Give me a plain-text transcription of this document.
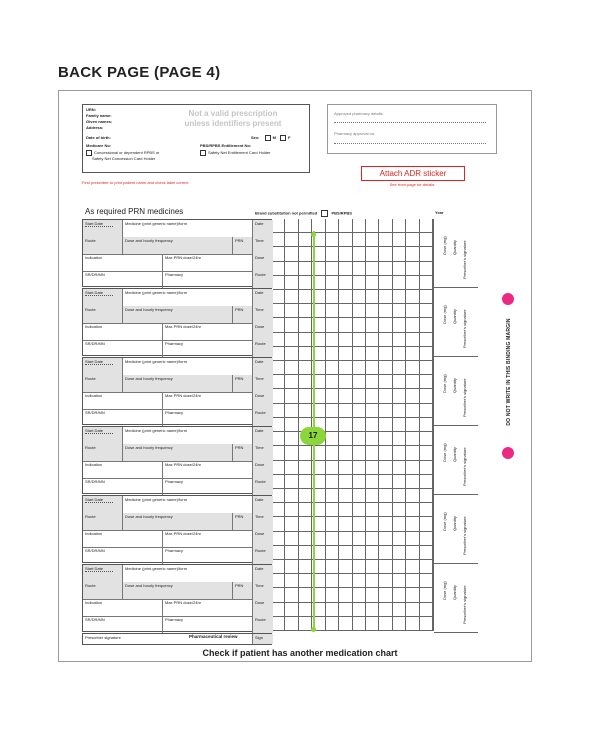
BACK PAGE (PAGE 4)
Not a valid prescription
unless identifiers present
URN:
Family name:
Given names:
Address:
Date of birth:	Sex:	M	F
Medicare No:	PBS/RPBS Entitlement No:
Concessional or dependent RPBS or
Safety Net Concession Card Holder
Safety Net Entitlement Card Holder
Approved pharmacy details:
Pharmacy approval no:
Attach ADR sticker
See front page for details
First prescriber to print patient name and check label correct
As required PRN medicines	Brand substitution not permitted	PBS/RPBS	Year
Dose (mg) Quantity Prescriber's signature
Dose (mg) Quantity Prescriber's signature
Dose (mg) Quantity Prescriber's signature
Dose (mg) Quantity Prescriber's signature
Dose (mg) Quantity Prescriber's signature
Dose (mg) Quantity Prescriber's signature
Start Date	Medicine (print generic name)/form	Date
Route	Dose and hourly frequency	PRN	Time
Indication	Max PRN dose/24hr	Dose
SR/DR/MN	Pharmacy	Route
Start Date	Medicine (print generic name)/form	Date
Route	Dose and hourly frequency	PRN	Time
Indication	Max PRN dose/24hr	Dose
SR/DR/MN	Pharmacy	Route
Start Date	Medicine (print generic name)/form	Date
Route	Dose and hourly frequency	PRN	Time
Indication	Max PRN dose/24hr	Dose
SR/DR/MN	Pharmacy	Route
Start Date	Medicine (print generic name)/form	Date
Route	Dose and hourly frequency	PRN	Time
Indication	Max PRN dose/24hr	Dose
SR/DR/MN	Pharmacy	Route
Start Date	Medicine (print generic name)/form	Date
Route	Dose and hourly frequency	PRN	Time
Indication	Max PRN dose/24hr	Dose
SR/DR/MN	Pharmacy	Route
Start Date	Medicine (print generic name)/form	Date
Route	Dose and hourly frequency	PRN	Time
Indication	Max PRN dose/24hr	Dose
SR/DR/MN	Pharmacy	Route
Prescriber signature	Sign
17
Pharmaceutical review
DO NOT WRITE IN THIS BINDING MARGIN
Check if patient has another medication chart
